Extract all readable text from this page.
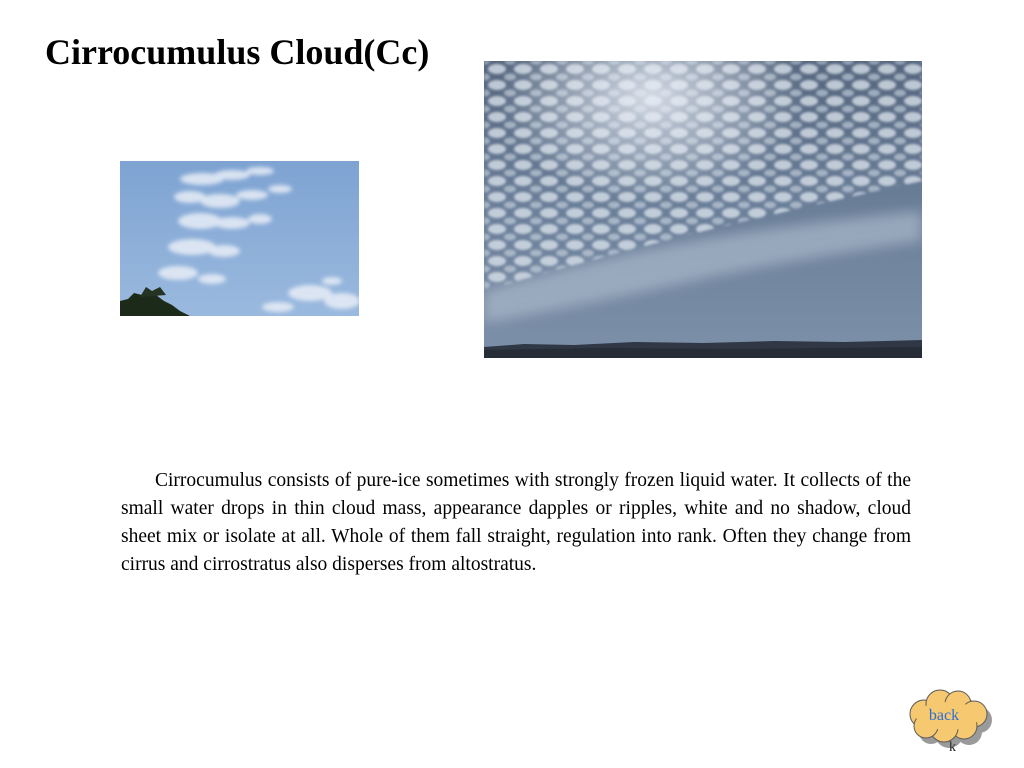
Cirrocumulus Cloud(Cc)

Cirrocumulus consists of pure-ice sometimes with strongly frozen liquid water. It collects of the small water drops in thin cloud mass, appearance dapples or ripples, white and no shadow, cloud sheet mix or isolate at all. Whole of them fall straight, regulation into rank. Often they change from cirrus and cirrostratus also disperses from altostratus.

back
k
